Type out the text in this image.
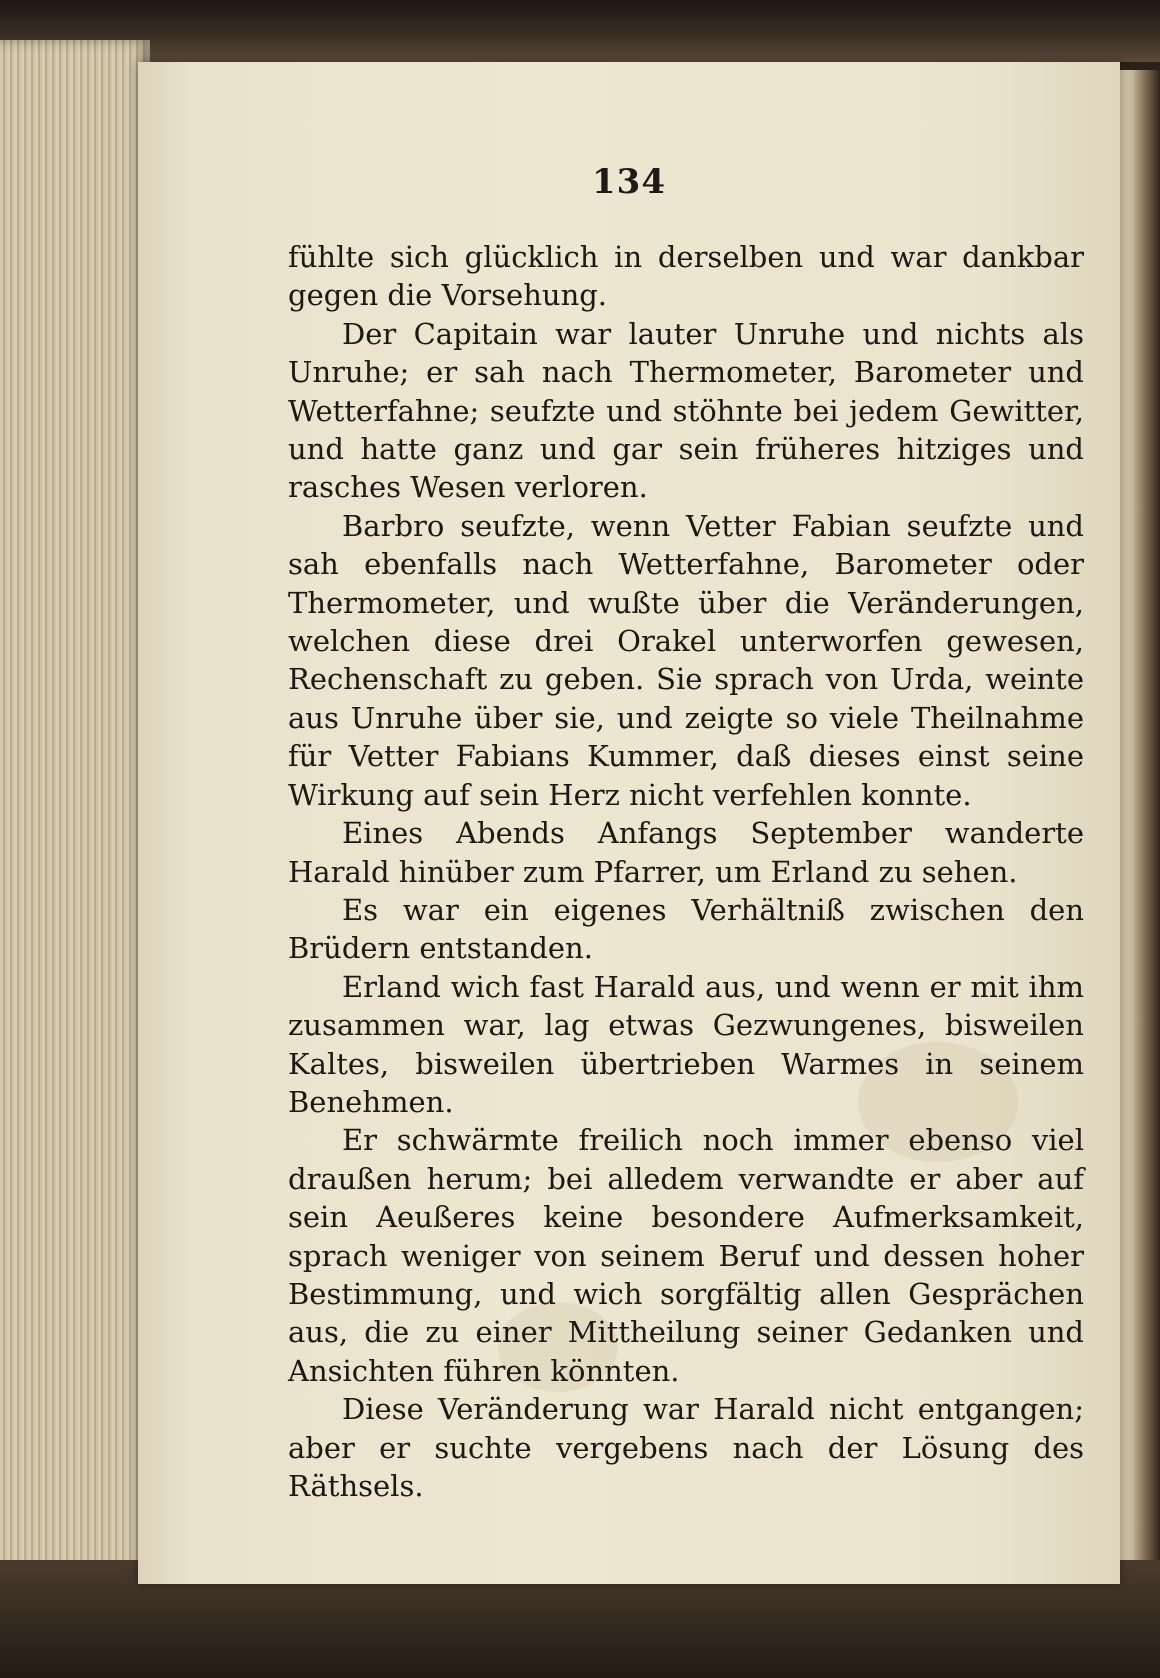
134

fühlte sich glücklich in derselben und war dankbar gegen die Vorsehung.

Der Capitain war lauter Unruhe und nichts als Unruhe; er sah nach Thermometer, Barometer und Wetterfahne; seufzte und stöhnte bei jedem Gewitter, und hatte ganz und gar sein früheres hitziges und rasches Wesen verloren.

Barbro seufzte, wenn Vetter Fabian seufzte und sah ebenfalls nach Wetterfahne, Barometer oder Thermometer, und wußte über die Veränderungen, welchen diese drei Orakel unterworfen gewesen, Rechenschaft zu geben. Sie sprach von Urda, weinte aus Unruhe über sie, und zeigte so viele Theilnahme für Vetter Fabians Kummer, daß dieses einst seine Wirkung auf sein Herz nicht verfehlen konnte.

Eines Abends Anfangs September wanderte Harald hinüber zum Pfarrer, um Erland zu sehen.

Es war ein eigenes Verhältniß zwischen den Brüdern entstanden.

Erland wich fast Harald aus, und wenn er mit ihm zusammen war, lag etwas Gezwungenes, bisweilen Kaltes, bisweilen übertrieben Warmes in seinem Benehmen.

Er schwärmte freilich noch immer ebenso viel draußen herum; bei alledem verwandte er aber auf sein Aeußeres keine besondere Aufmerksamkeit, sprach weniger von seinem Beruf und dessen hoher Bestimmung, und wich sorgfältig allen Gesprächen aus, die zu einer Mittheilung seiner Gedanken und Ansichten führen könnten.

Diese Veränderung war Harald nicht entgangen; aber er suchte vergebens nach der Lösung des Räthsels.
